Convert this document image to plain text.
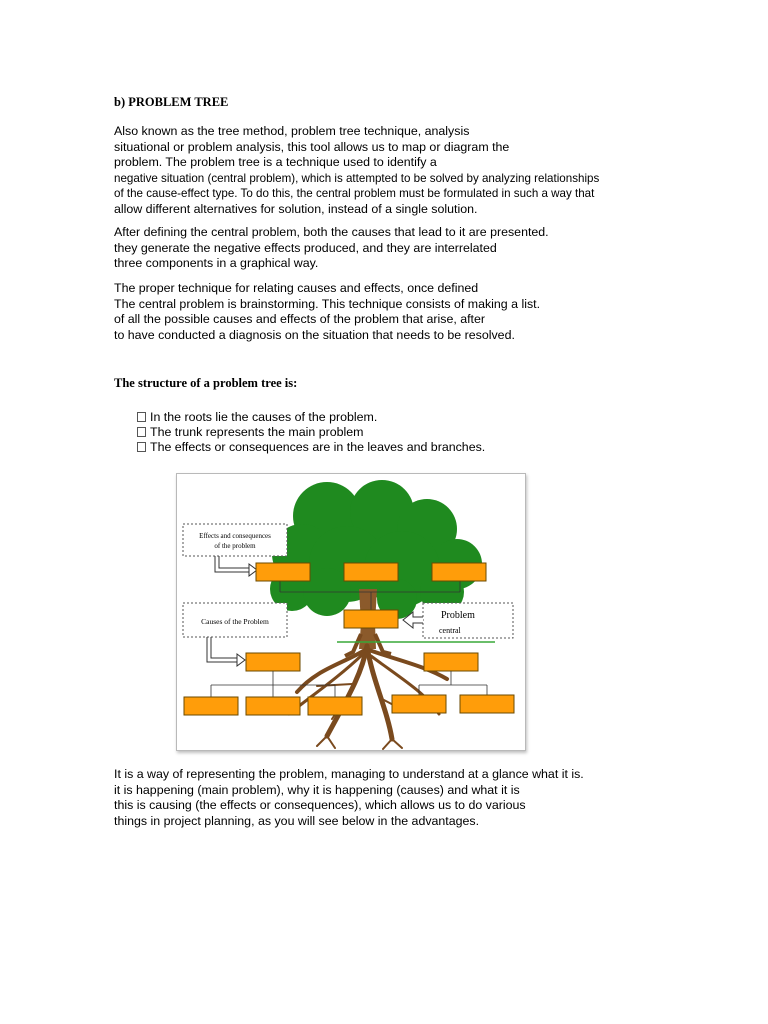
b) PROBLEM TREE
Also known as the tree method, problem tree technique, analysis
situational or problem analysis, this tool allows us to map or diagram the
problem. The problem tree is a technique used to identify a
negative situation (central problem), which is attempted to be solved by analyzing relationships
of the cause-effect type. To do this, the central problem must be formulated in such a way that
allow different alternatives for solution, instead of a single solution.
After defining the central problem, both the causes that lead to it are presented.
they generate the negative effects produced, and they are interrelated
three components in a graphical way.
The proper technique for relating causes and effects, once defined
The central problem is brainstorming. This technique consists of making a list.
of all the possible causes and effects of the problem that arise, after
to have conducted a diagnosis on the situation that needs to be resolved.
The structure of a problem tree is:
In the roots lie the causes of the problem.
The trunk represents the main problem
The effects or consequences are in the leaves and branches.
Effects and consequences
of the problem
Problem
central
Causes of the Problem
It is a way of representing the problem, managing to understand at a glance what it is.
it is happening (main problem), why it is happening (causes) and what it is
this is causing (the effects or consequences), which allows us to do various
things in project planning, as you will see below in the advantages.
